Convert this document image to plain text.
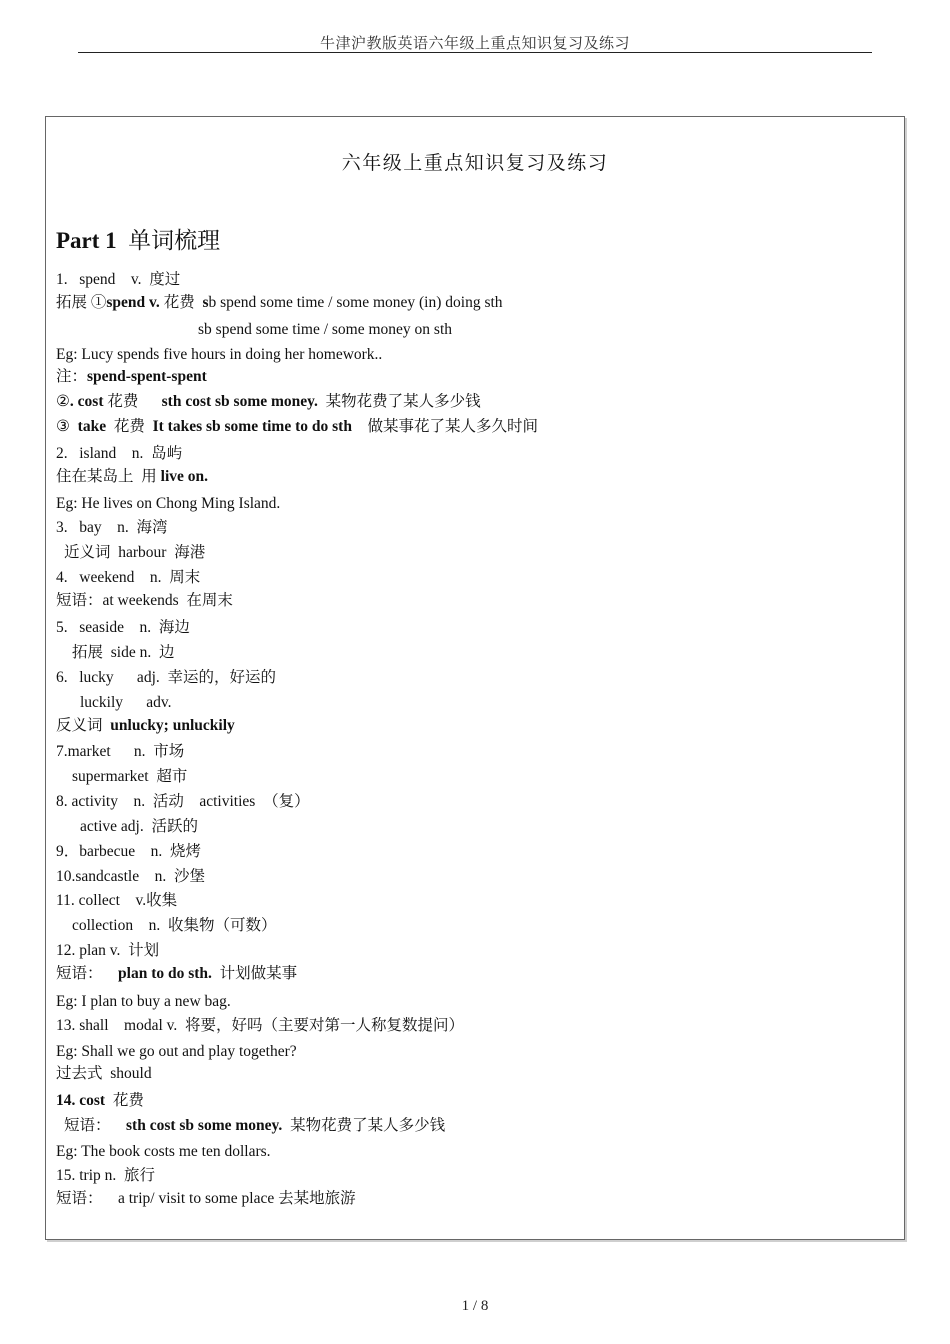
牛津沪教版英语六年级上重点知识复习及练习
六年级上重点知识复习及练习
Part 1 单词梳理
1.   spend    v.  度过
拓展 ①spend v. 花费  sb spend some time / some money (in) doing sth
sb spend some time / some money on sth
Eg: Lucy spends five hours in doing her homework..
注：spend-spent-spent
②. cost 花费      sth cost sb some money.  某物花费了某人多少钱
③  take  花费  It takes sb some time to do sth    做某事花了某人多久时间
2.   island    n.  岛屿
住在某岛上  用 live on.
Eg: He lives on Chong Ming Island.
3.   bay    n.  海湾
近义词  harbour  海港
4.   weekend    n.  周末
短语：at weekends  在周末
5.   seaside    n.  海边
拓展  side n.  边
6.   lucky      adj.  幸运的，好运的
luckily      adv.
反义词  unlucky; unluckily
7.market      n.  市场
supermarket  超市
8. activity    n.  活动    activities  （复）
active adj.  活跃的
9．barbecue    n.  烧烤
10.sandcastle    n.  沙堡
11. collect    v.收集
collection    n.  收集物（可数）
12. plan v.  计划
短语：    plan to do sth.  计划做某事
Eg: I plan to buy a new bag.
13. shall    modal v.  将要，好吗（主要对第一人称复数提问）
Eg: Shall we go out and play together?
过去式  should
14. cost  花费
短语：    sth cost sb some money.  某物花费了某人多少钱
Eg: The book costs me ten dollars.
15. trip n.  旅行
短语：    a trip/ visit to some place 去某地旅游
1 / 8
